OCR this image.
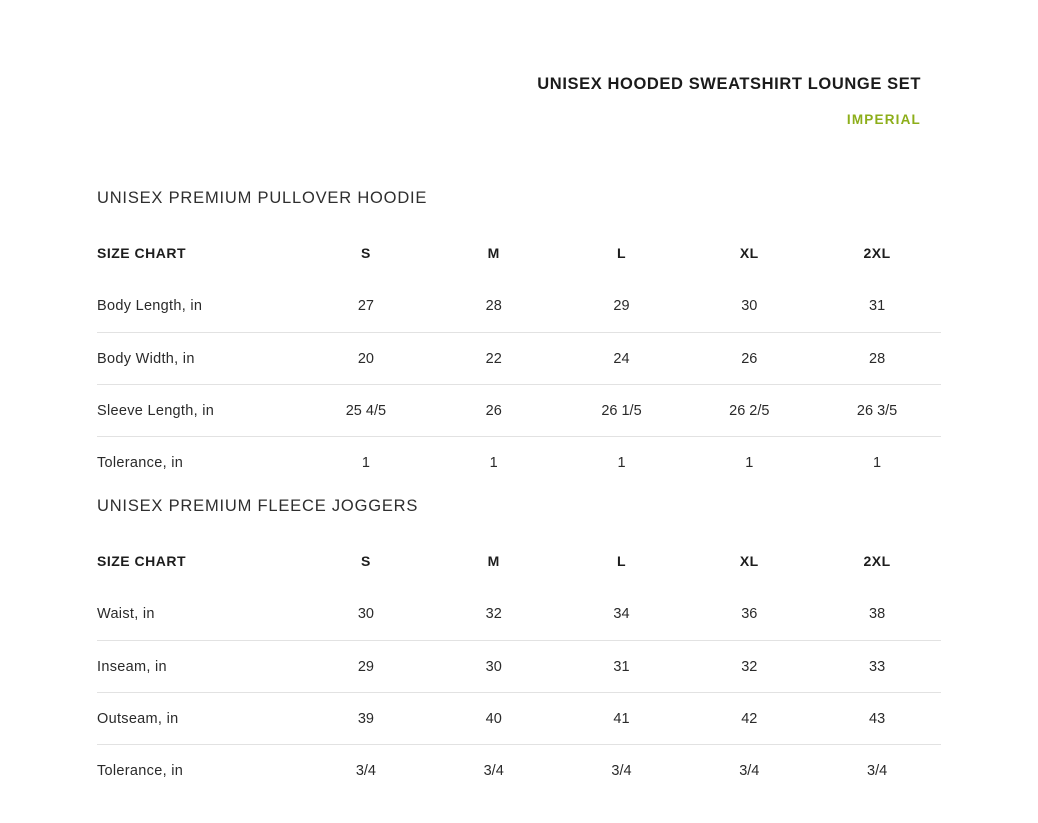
UNISEX HOODED SWEATSHIRT LOUNGE SET
IMPERIAL
UNISEX PREMIUM PULLOVER HOODIE
SIZE CHART	S	M	L	XL	2XL
Body Length, in	27	28	29	30	31
Body Width, in	20	22	24	26	28
Sleeve Length, in	25 4/5	26	26 1/5	26 2/5	26 3/5
Tolerance, in	1	1	1	1	1
UNISEX PREMIUM FLEECE JOGGERS
SIZE CHART	S	M	L	XL	2XL
Waist, in	30	32	34	36	38
Inseam, in	29	30	31	32	33
Outseam, in	39	40	41	42	43
Tolerance, in	3/4	3/4	3/4	3/4	3/4
